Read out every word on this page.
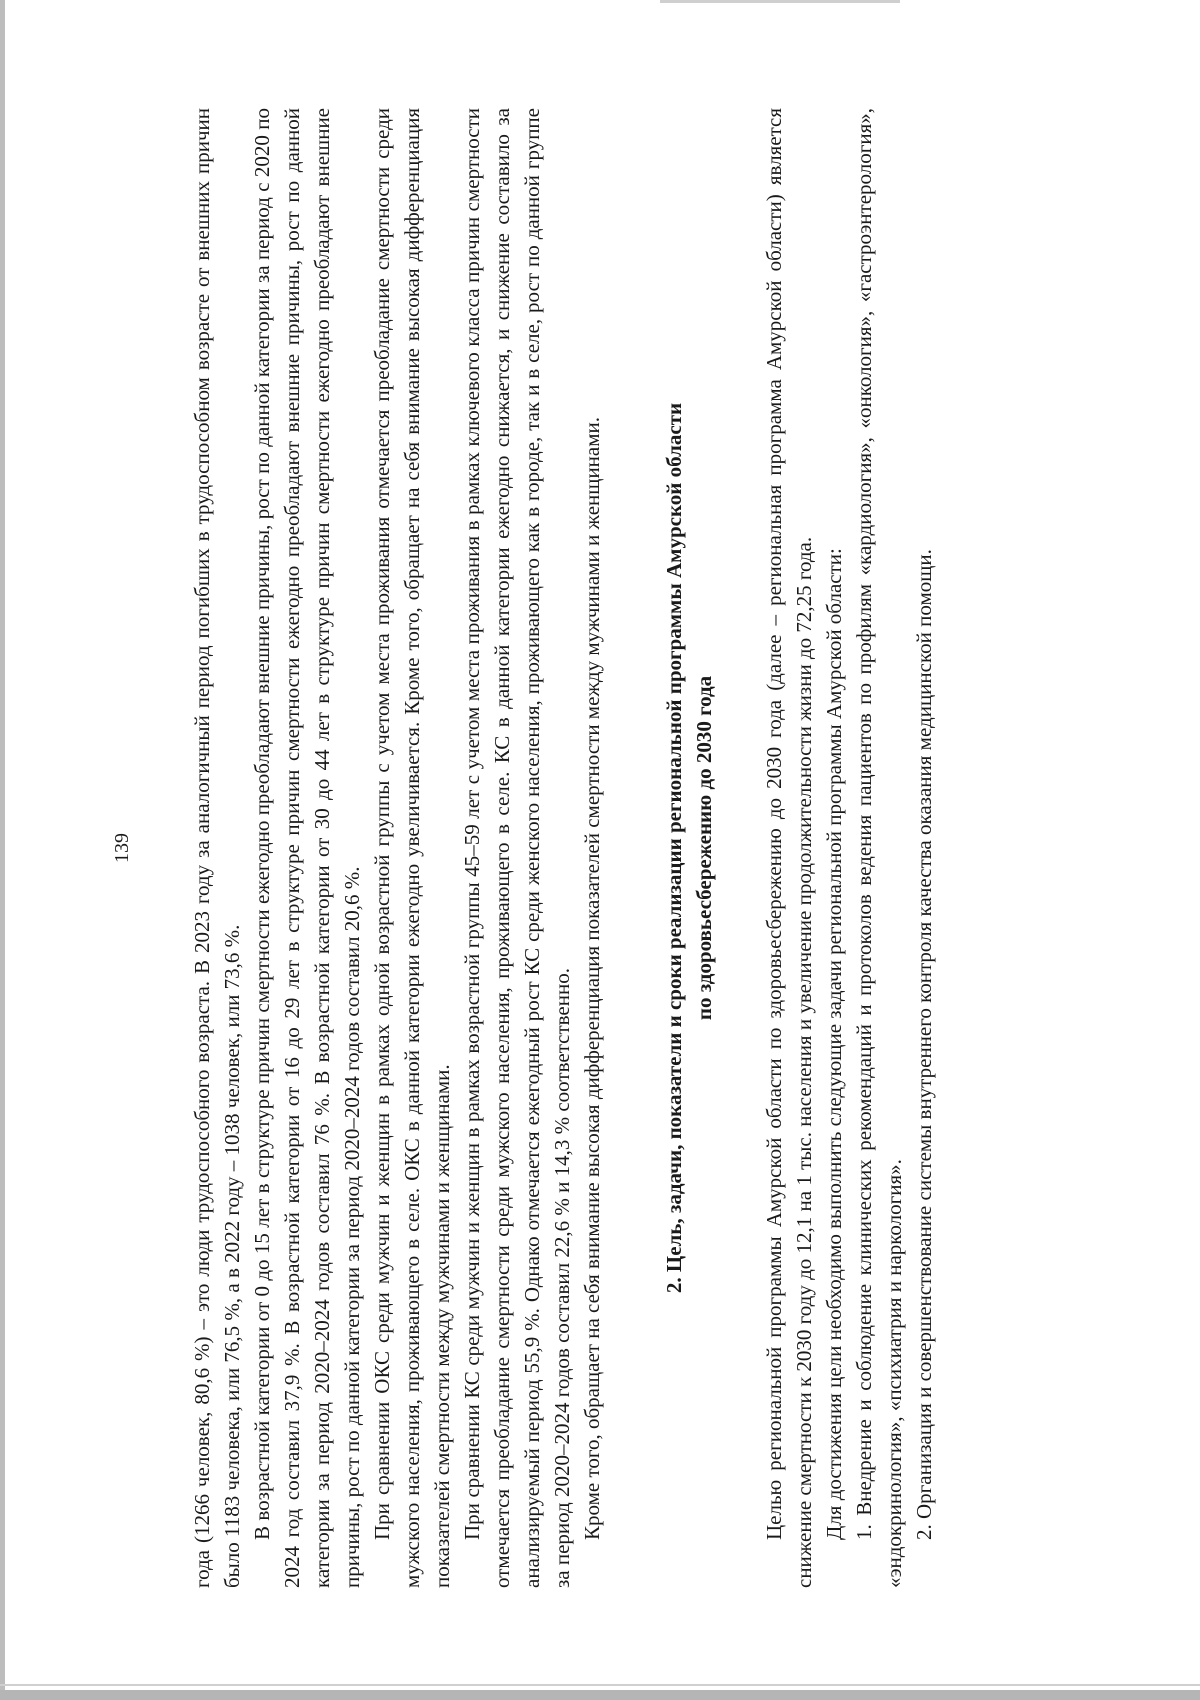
139	года (1266 человек, 80,6 %) – это люди трудоспособного возраста. В 2023 году за аналогичный период погибших в трудоспособном возрасте от внешних причин было 1183 человека, или 76,5 %, а в 2022 году – 1038 человек, или 73,6 %. В возрастной категории от 0 до 15 лет в структуре причин смертности ежегодно преобладают внешние причины, рост по данной категории за период с 2020 по 2024 год составил 37,9 %. В возрастной категории от 16 до 29 лет в структуре причин смертности ежегодно преобладают внешние причины, рост по данной категории за период 2020–2024 годов составил 76 %. В возрастной категории от 30 до 44 лет в структуре причин смертности ежегодно преобладают внешние причины, рост по данной категории за период 2020–2024 годов составил 20,6 %. При сравнении ОКС среди мужчин и женщин в рамках одной возрастной группы с учетом места проживания отмечается преобладание смертности среди мужского населения, проживающего в селе. ОКС в данной категории ежегодно увеличивается. Кроме того, обращает на себя внимание высокая дифференциация показателей смертности между мужчинами и женщинами. При сравнении КС среди мужчин и женщин в рамках возрастной группы 45–59 лет с учетом места проживания в рамках ключевого класса причин смертности отмечается преобладание смертности среди мужского населения, проживающего в селе. КС в данной категории ежегодно снижается, и снижение составило за анализируемый период 55,9 %. Однако отмечается ежегодный рост КС среди женского населения, проживающего как в городе, так и в селе, рост по данной группе за период 2020–2024 годов составил 22,6 % и 14,3 % соответственно. Кроме того, обращает на себя внимание высокая дифференциация показателей смертности между мужчинами и женщинами.	2. Цель, задачи, показатели и сроки реализации региональной программы Амурской области по здоровьесбережению до 2030 года Целью региональной программы Амурской области по здоровьесбережению до 2030 года (далее – региональная программа Амурской области) является снижение смертности к 2030 году до 12,1 на 1 тыс. населения и увеличение продолжительности жизни до 72,25 года. Для достижения цели необходимо выполнить следующие задачи региональной программы Амурской области: 1. Внедрение и соблюдение клинических рекомендаций и протоколов ведения пациентов по профилям «кардиология», «онкология», «гастроэнтерология», «эндокринология», «психиатрия и наркология». 2. Организация и совершенствование системы внутреннего контроля качества оказания медицинской помощи.
